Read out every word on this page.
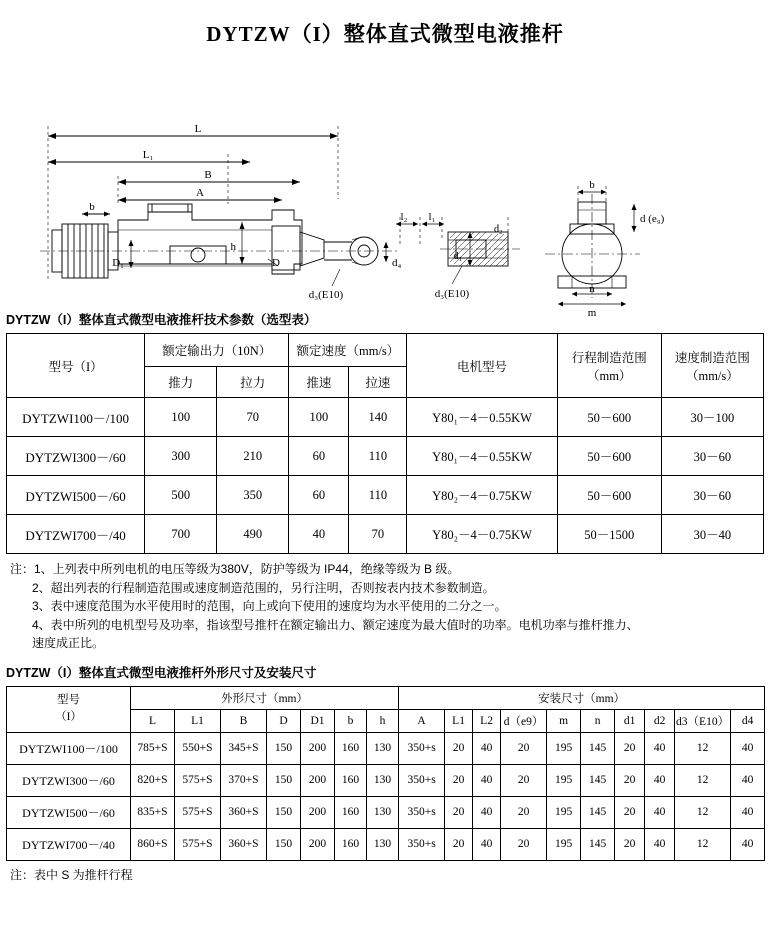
DYTZW（I）整体直式微型电液推杆
L
L₁
B
A
b
h
D₁	D
l₂ l₁
d₄
d₃(E10)	d₃(E10)
d₁
d₂
b
d (e₉)
n
m
DYTZW（I）整体直式微型电液推杆技术参数（选型表）
型号（I）	额定输出力（10N）		额定速度（mm/s）		电机型号	行程制造范围（mm）	速度制造范围（mm/s）
	推力	拉力	推速	拉速			
DYTZWI100－/100	100	70	100	140	Y80₁－4－0.55KW	50－600	30－100
DYTZWI300－/60	300	210	60	110	Y80₁－4－0.55KW	50－600	30－60
DYTZWI500－/60	500	350	60	110	Y80₂－4－0.75KW	50－600	30－60
DYTZWI700－/40	700	490	40	70	Y80₂－4－0.75KW	50－1500	30－40
注：1、上列表中所列电机的电压等级为380V，防护等级为 IP44，绝缘等级为 B 级。
2、超出列表的行程制造范围或速度制造范围的，另行注明，否则按表内技术参数制造。
3、表中速度范围为水平使用时的范围，向上或向下使用的速度均为水平使用的二分之一。
4、表中所列的电机型号及功率，指该型号推杆在额定输出力、额定速度为最大值时的功率。电机功率与推杆推力、
速度成正比。
DYTZW（I）整体直式微型电液推杆外形尺寸及安装尺寸
型号
（I）	外形尺寸（mm）							安装尺寸（mm）									
	L	L1	B	D	D1	b	h	A	L1	L2	d（e9）	m	n	d1	d2	d3（E10）	d4
DYTZWI100－/100	785+S	550+S	345+S	150	200	160	130	350+s	20	40	20	195	145	20	40	12	40
DYTZWI300－/60	820+S	575+S	370+S	150	200	160	130	350+s	20	40	20	195	145	20	40	12	40
DYTZWI500－/60	835+S	575+S	360+S	150	200	160	130	350+s	20	40	20	195	145	20	40	12	40
DYTZWI700－/40	860+S	575+S	360+S	150	200	160	130	350+s	20	40	20	195	145	20	40	12	40
注：表中 S 为推杆行程
